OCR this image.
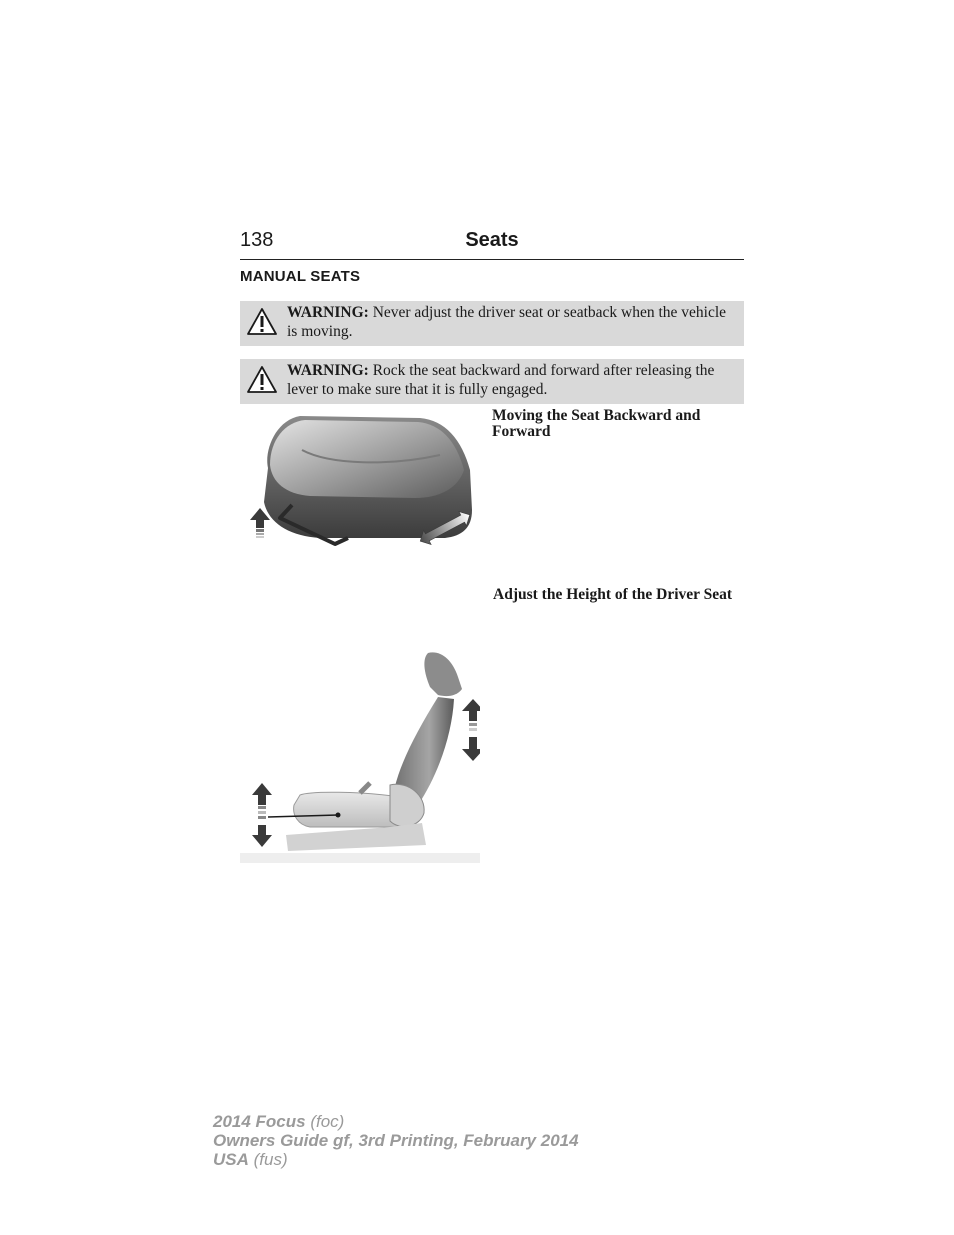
138	Seats
MANUAL SEATS
WARNING: Never adjust the driver seat or seatback when the vehicle is moving.
WARNING: Rock the seat backward and forward after releasing the lever to make sure that it is fully engaged.
Moving the Seat Backward and Forward
Adjust the Height of the Driver Seat
2014 Focus (foc)
Owners Guide gf, 3rd Printing, February 2014
USA (fus)
